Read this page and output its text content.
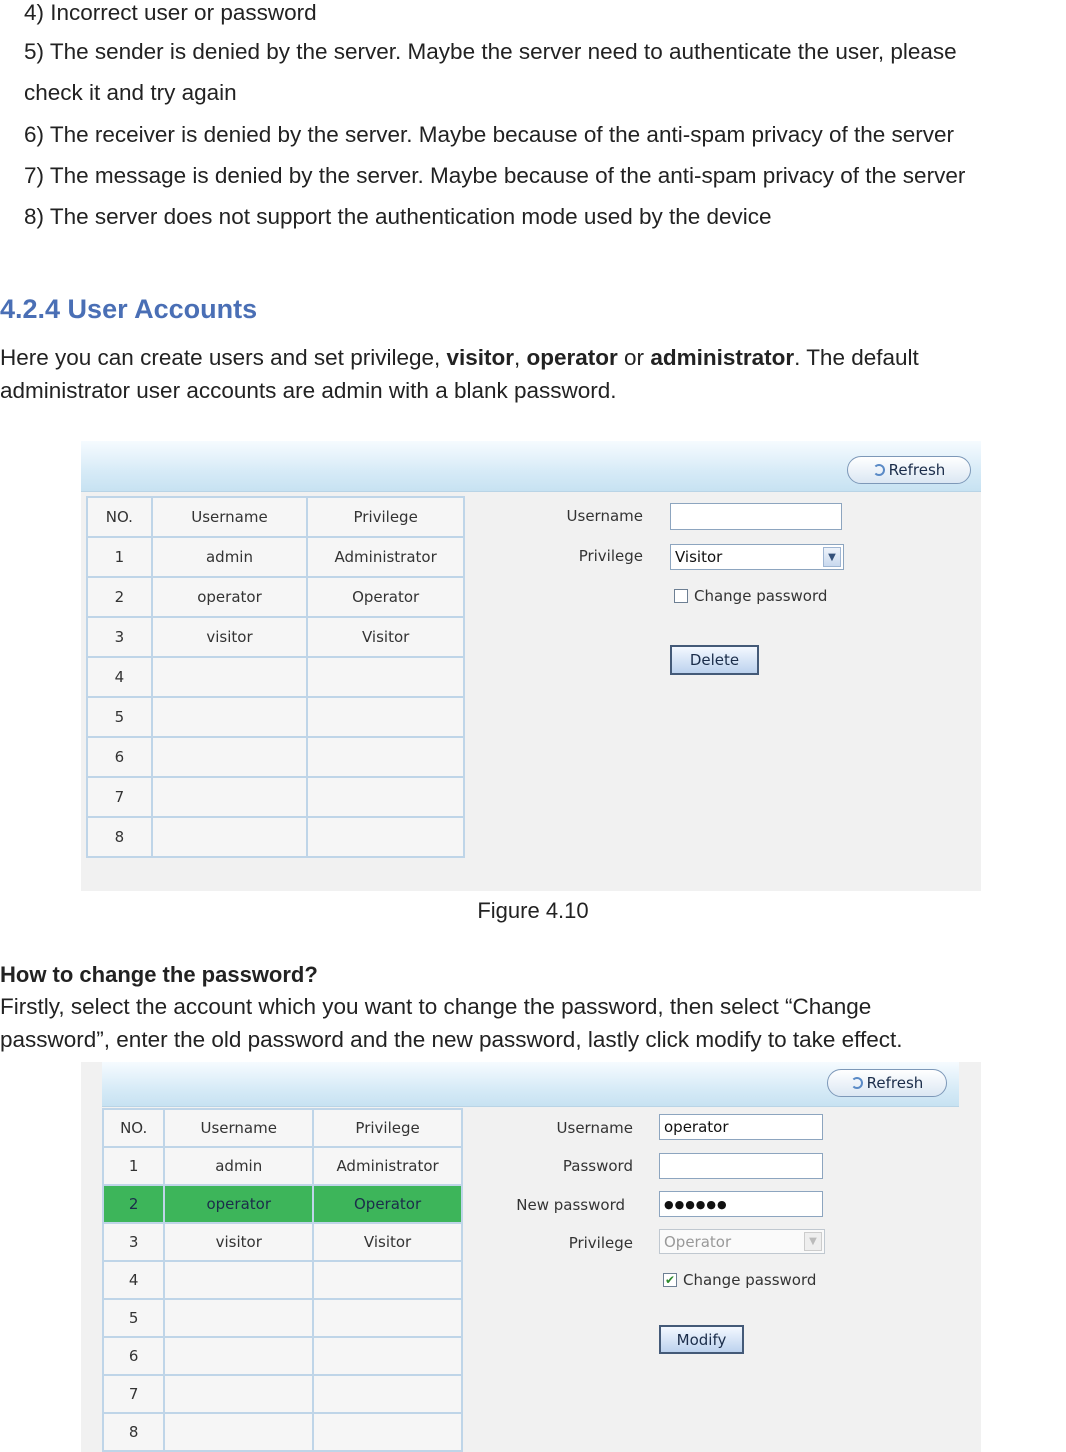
4) Incorrect user or password
5) The sender is denied by the server. Maybe the server need to authenticate the user, please
check it and try again
6) The receiver is denied by the server. Maybe because of the anti-spam privacy of the server
7) The message is denied by the server. Maybe because of the anti-spam privacy of the server
8) The server does not support the authentication mode used by the device
4.2.4 User Accounts
Here you can create users and set privilege, visitor, operator or administrator. The default
administrator user accounts are admin with a blank password.
Refresh
NO.	Username	Privilege
1	admin	Administrator
2	operator	Operator
3	visitor	Visitor
4		
5		
6		
7		
8		
Username
Privilege Visitor	▼
Change password
Delete
Figure 4.10
How to change the password?
Firstly, select the account which you want to change the password, then select “Change
password”, enter the old password and the new password, lastly click modify to take effect.
Refresh
NO.	Username	Privilege
1	admin	Administrator
2	operator	Operator
3	visitor	Visitor
4		
5		
6		
7		
8		
Username	operator
Password
New password	●●●●●●
Privilege Operator	▼
✔ Change password
Modify
